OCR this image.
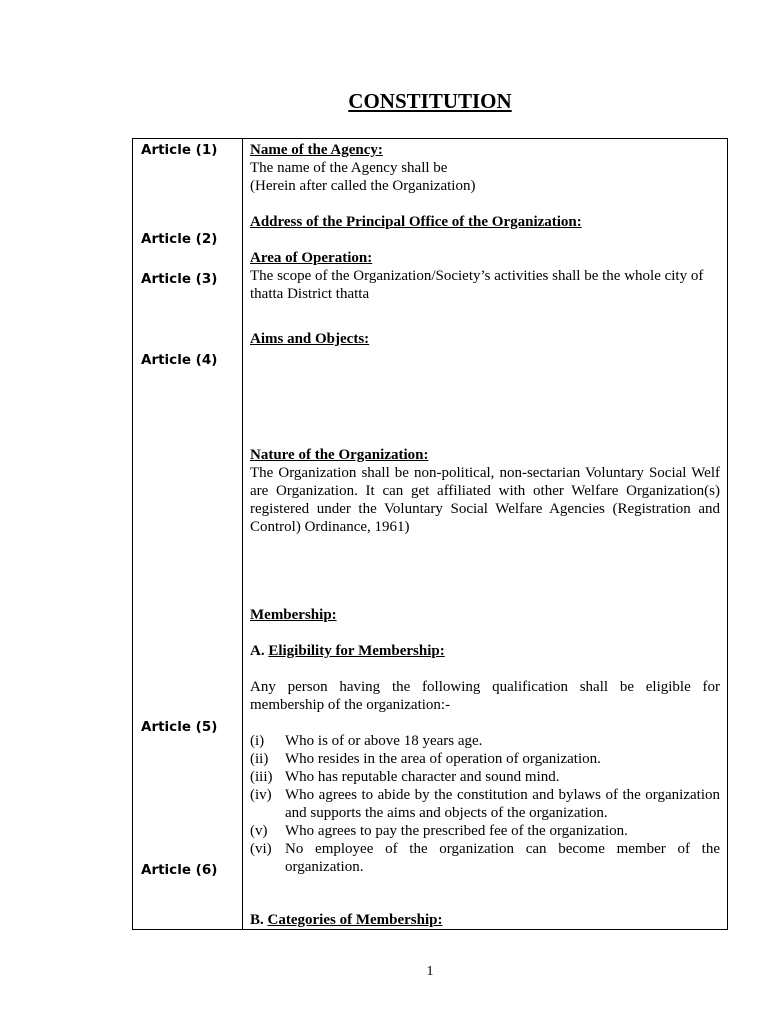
CONSTITUTION
Article (1)
Article (2)
Article (3)
Article (4)
Article (5)
Article (6)
Name of the Agency:
The name of the Agency shall be
(Herein after called the Organization)
Address of the Principal Office of the Organization:
Area of Operation:
The scope of the Organization/Society’s activities shall be the whole city of thatta District thatta
Aims and Objects:
Nature of the Organization:
The Organization shall be non-political, non-sectarian Voluntary Social Welf are Organization. It can get affiliated with other Welfare Organization(s) registered under the Voluntary Social Welfare Agencies (Registration and Control) Ordinance, 1961)
Membership:
A. Eligibility for Membership:
Any person having the following qualification shall be eligible for membership of the organization:-
(i) Who is of or above 18 years age.
(ii) Who resides in the area of operation of organization.
(iii) Who has reputable character and sound mind.
(iv) Who agrees to abide by the constitution and bylaws of the organization and supports the aims and objects of the organization.
(v) Who agrees to pay the prescribed fee of the organization.
(vi) No employee of the organization can become member of the organization.
B. Categories of Membership:
1
